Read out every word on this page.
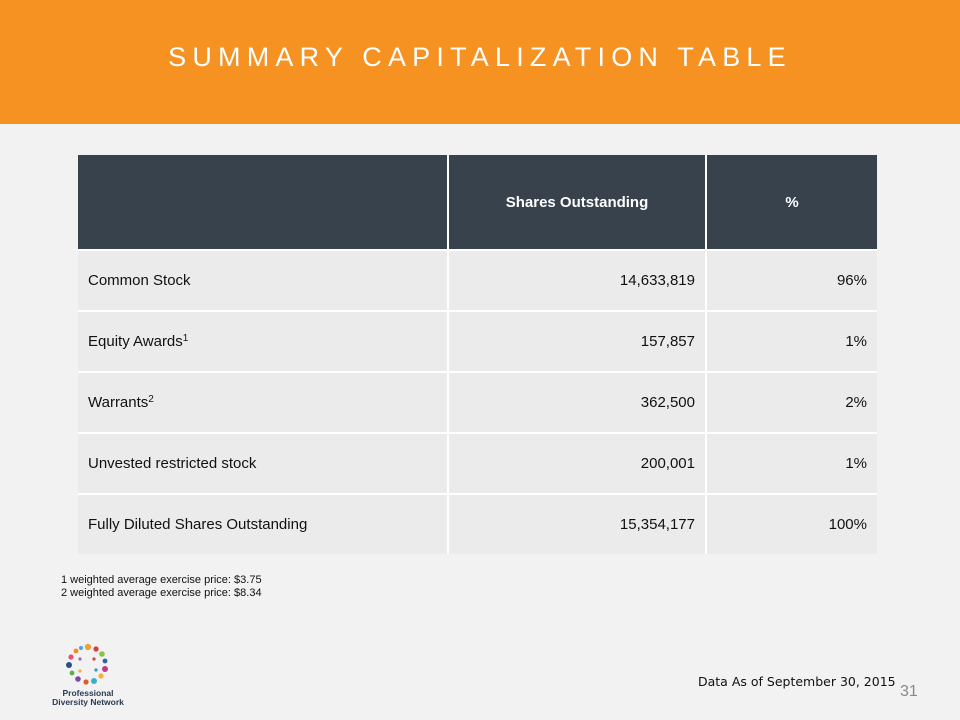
SUMMARY CAPITALIZATION TABLE
	Shares Outstanding	%
Common Stock	14,633,819	96%
Equity Awards$^1$	157,857	1%
Warrants$^2$	362,500	2%
Unvested restricted stock	200,001	1%
Fully Diluted Shares Outstanding	15,354,177	100%
1 weighted average exercise price: $3.75
2 weighted average exercise price: $8.34
Professional
Diversity Network
Data As of September 30, 2015
31
